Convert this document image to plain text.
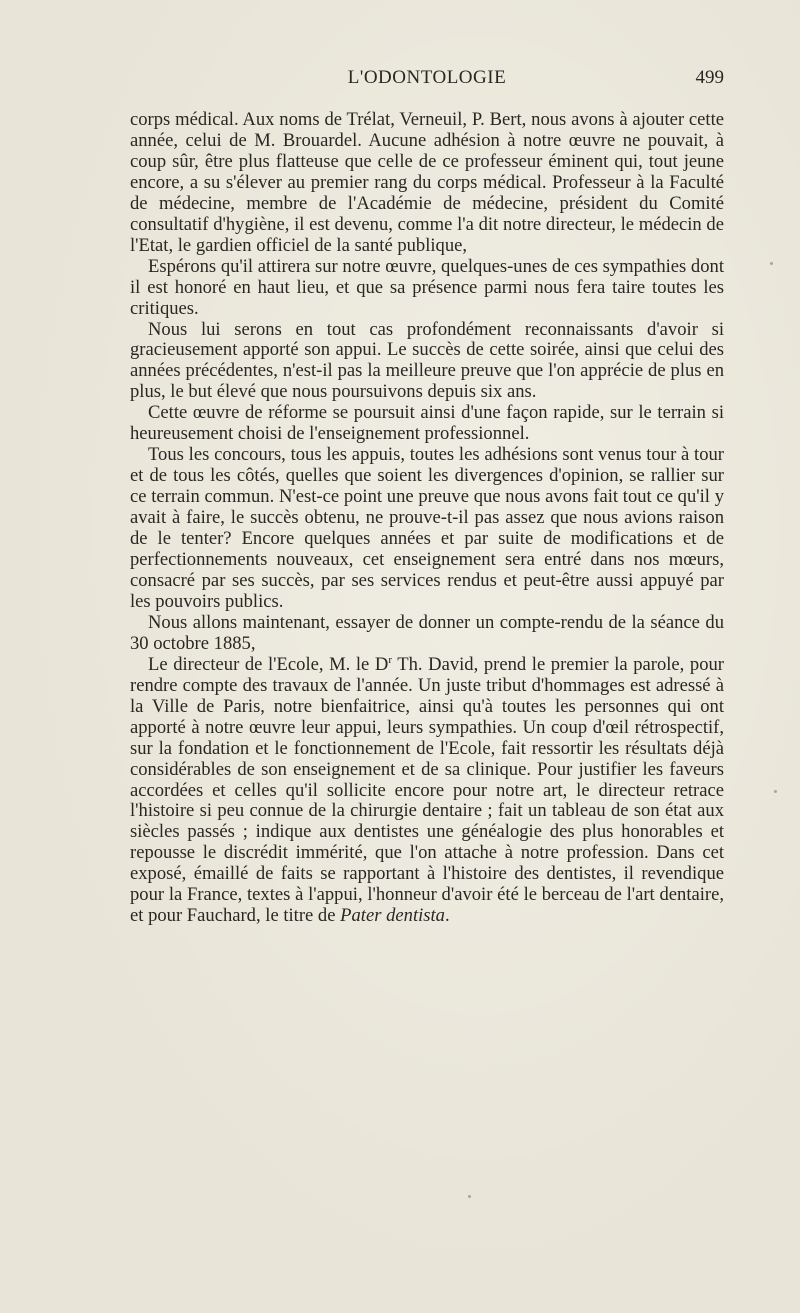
L'ODONTOLOGIE	499

corps médical. Aux noms de Trélat, Verneuil, P. Bert, nous avons à ajouter cette année, celui de M. Brouardel. Aucune adhésion à notre œuvre ne pouvait, à coup sûr, être plus flatteuse que celle de ce professeur éminent qui, tout jeune encore, a su s'élever au premier rang du corps médical. Professeur à la Faculté de médecine, membre de l'Académie de médecine, président du Comité consultatif d'hygiène, il est devenu, comme l'a dit notre directeur, le médecin de l'Etat, le gardien officiel de la santé publique,

Espérons qu'il attirera sur notre œuvre, quelques-unes de ces sympathies dont il est honoré en haut lieu, et que sa présence parmi nous fera taire toutes les critiques.

Nous lui serons en tout cas profondément reconnaissants d'avoir si gracieusement apporté son appui. Le succès de cette soirée, ainsi que celui des années précédentes, n'est-il pas la meilleure preuve que l'on apprécie de plus en plus, le but élevé que nous poursuivons depuis six ans.

Cette œuvre de réforme se poursuit ainsi d'une façon rapide, sur le terrain si heureusement choisi de l'enseignement professionnel.

Tous les concours, tous les appuis, toutes les adhésions sont venus tour à tour et de tous les côtés, quelles que soient les divergences d'opinion, se rallier sur ce terrain commun. N'est-ce point une preuve que nous avons fait tout ce qu'il y avait à faire, le succès obtenu, ne prouve-t-il pas assez que nous avions raison de le tenter? Encore quelques années et par suite de modifications et de perfectionnements nouveaux, cet enseignement sera entré dans nos mœurs, consacré par ses succès, par ses services rendus et peut-être aussi appuyé par les pouvoirs publics.

Nous allons maintenant, essayer de donner un compte-rendu de la séance du 30 octobre 1885,

Le directeur de l'Ecole, M. le $D^r$ Th. David, prend le premier la parole, pour rendre compte des travaux de l'année. Un juste tribut d'hommages est adressé à la Ville de Paris, notre bienfaitrice, ainsi qu'à toutes les personnes qui ont apporté à notre œuvre leur appui, leurs sympathies. Un coup d'œil rétrospectif, sur la fondation et le fonctionnement de l'Ecole, fait ressortir les résultats déjà considérables de son enseignement et de sa clinique. Pour justifier les faveurs accordées et celles qu'il sollicite encore pour notre art, le directeur retrace l'histoire si peu connue de la chirurgie dentaire ; fait un tableau de son état aux siècles passés ; indique aux dentistes une généalogie des plus honorables et repousse le discrédit immérité, que l'on attache à notre profession. Dans cet exposé, émaillé de faits se rapportant à l'histoire des dentistes, il revendique pour la France, textes à l'appui, l'honneur d'avoir été le berceau de l'art dentaire, et pour Fauchard, le titre de Pater dentista.
